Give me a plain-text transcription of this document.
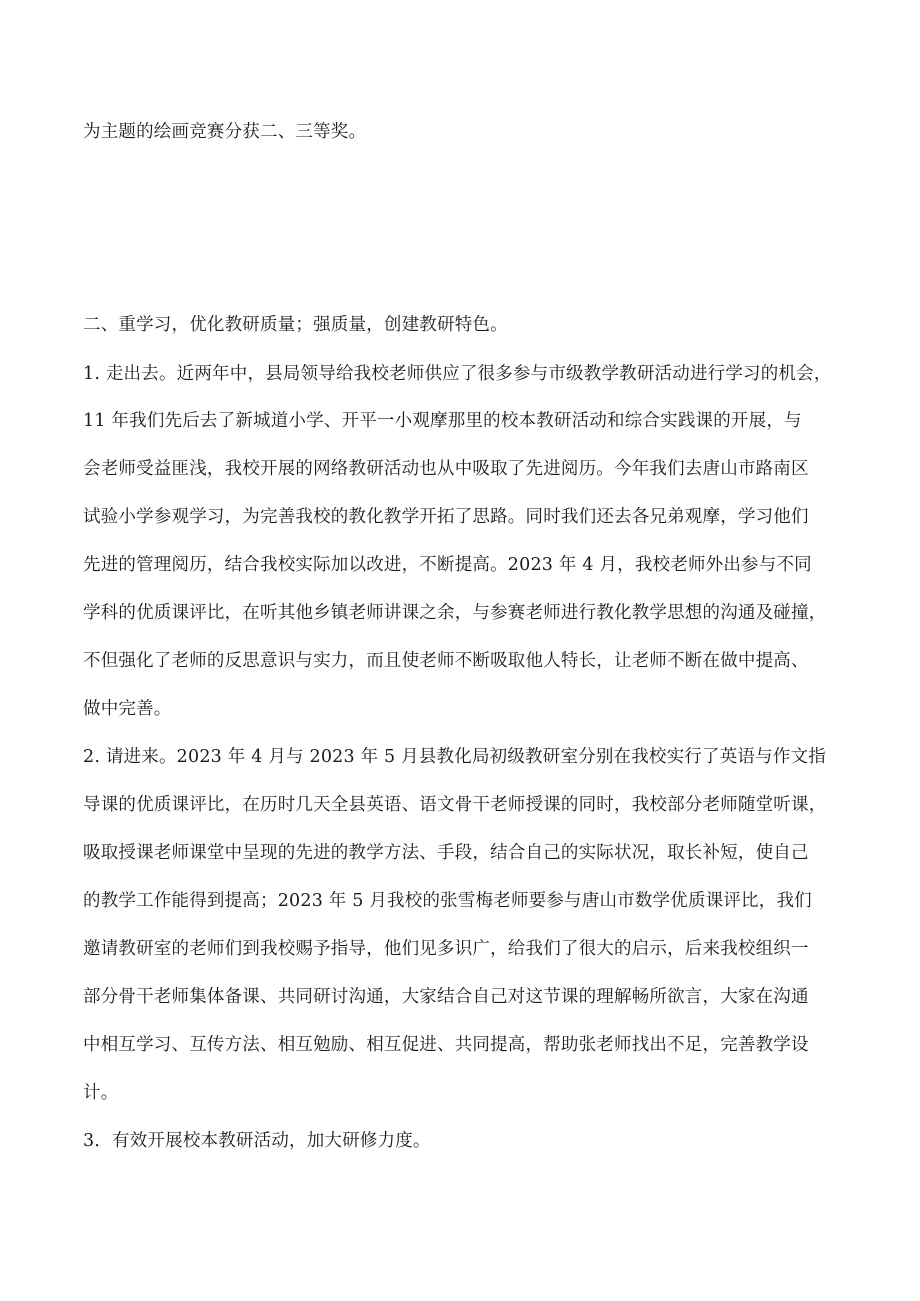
为主题的绘画竞赛分获二、三等奖。
二、重学习，优化教研质量；强质量，创建教研特色。
1. 走出去。近两年中，县局领导给我校老师供应了很多参与市级教学教研活动进行学习的机会，
11 年我们先后去了新城道小学、开平一小观摩那里的校本教研活动和综合实践课的开展，与
会老师受益匪浅，我校开展的网络教研活动也从中吸取了先进阅历。今年我们去唐山市路南区
试验小学参观学习，为完善我校的教化教学开拓了思路。同时我们还去各兄弟观摩，学习他们
先进的管理阅历，结合我校实际加以改进，不断提高。2023 年 4 月，我校老师外出参与不同
学科的优质课评比，在听其他乡镇老师讲课之余，与参赛老师进行教化教学思想的沟通及碰撞，
不但强化了老师的反思意识与实力，而且使老师不断吸取他人特长，让老师不断在做中提高、
做中完善。
2. 请进来。2023 年 4 月与 2023 年 5 月县教化局初级教研室分别在我校实行了英语与作文指
导课的优质课评比，在历时几天全县英语、语文骨干老师授课的同时，我校部分老师随堂听课，
吸取授课老师课堂中呈现的先进的教学方法、手段，结合自己的实际状况，取长补短，使自己
的教学工作能得到提高；2023 年 5 月我校的张雪梅老师要参与唐山市数学优质课评比，我们
邀请教研室的老师们到我校赐予指导，他们见多识广，给我们了很大的启示，后来我校组织一
部分骨干老师集体备课、共同研讨沟通，大家结合自己对这节课的理解畅所欲言，大家在沟通
中相互学习、互传方法、相互勉励、相互促进、共同提高，帮助张老师找出不足，完善教学设
计。
3．有效开展校本教研活动，加大研修力度。
